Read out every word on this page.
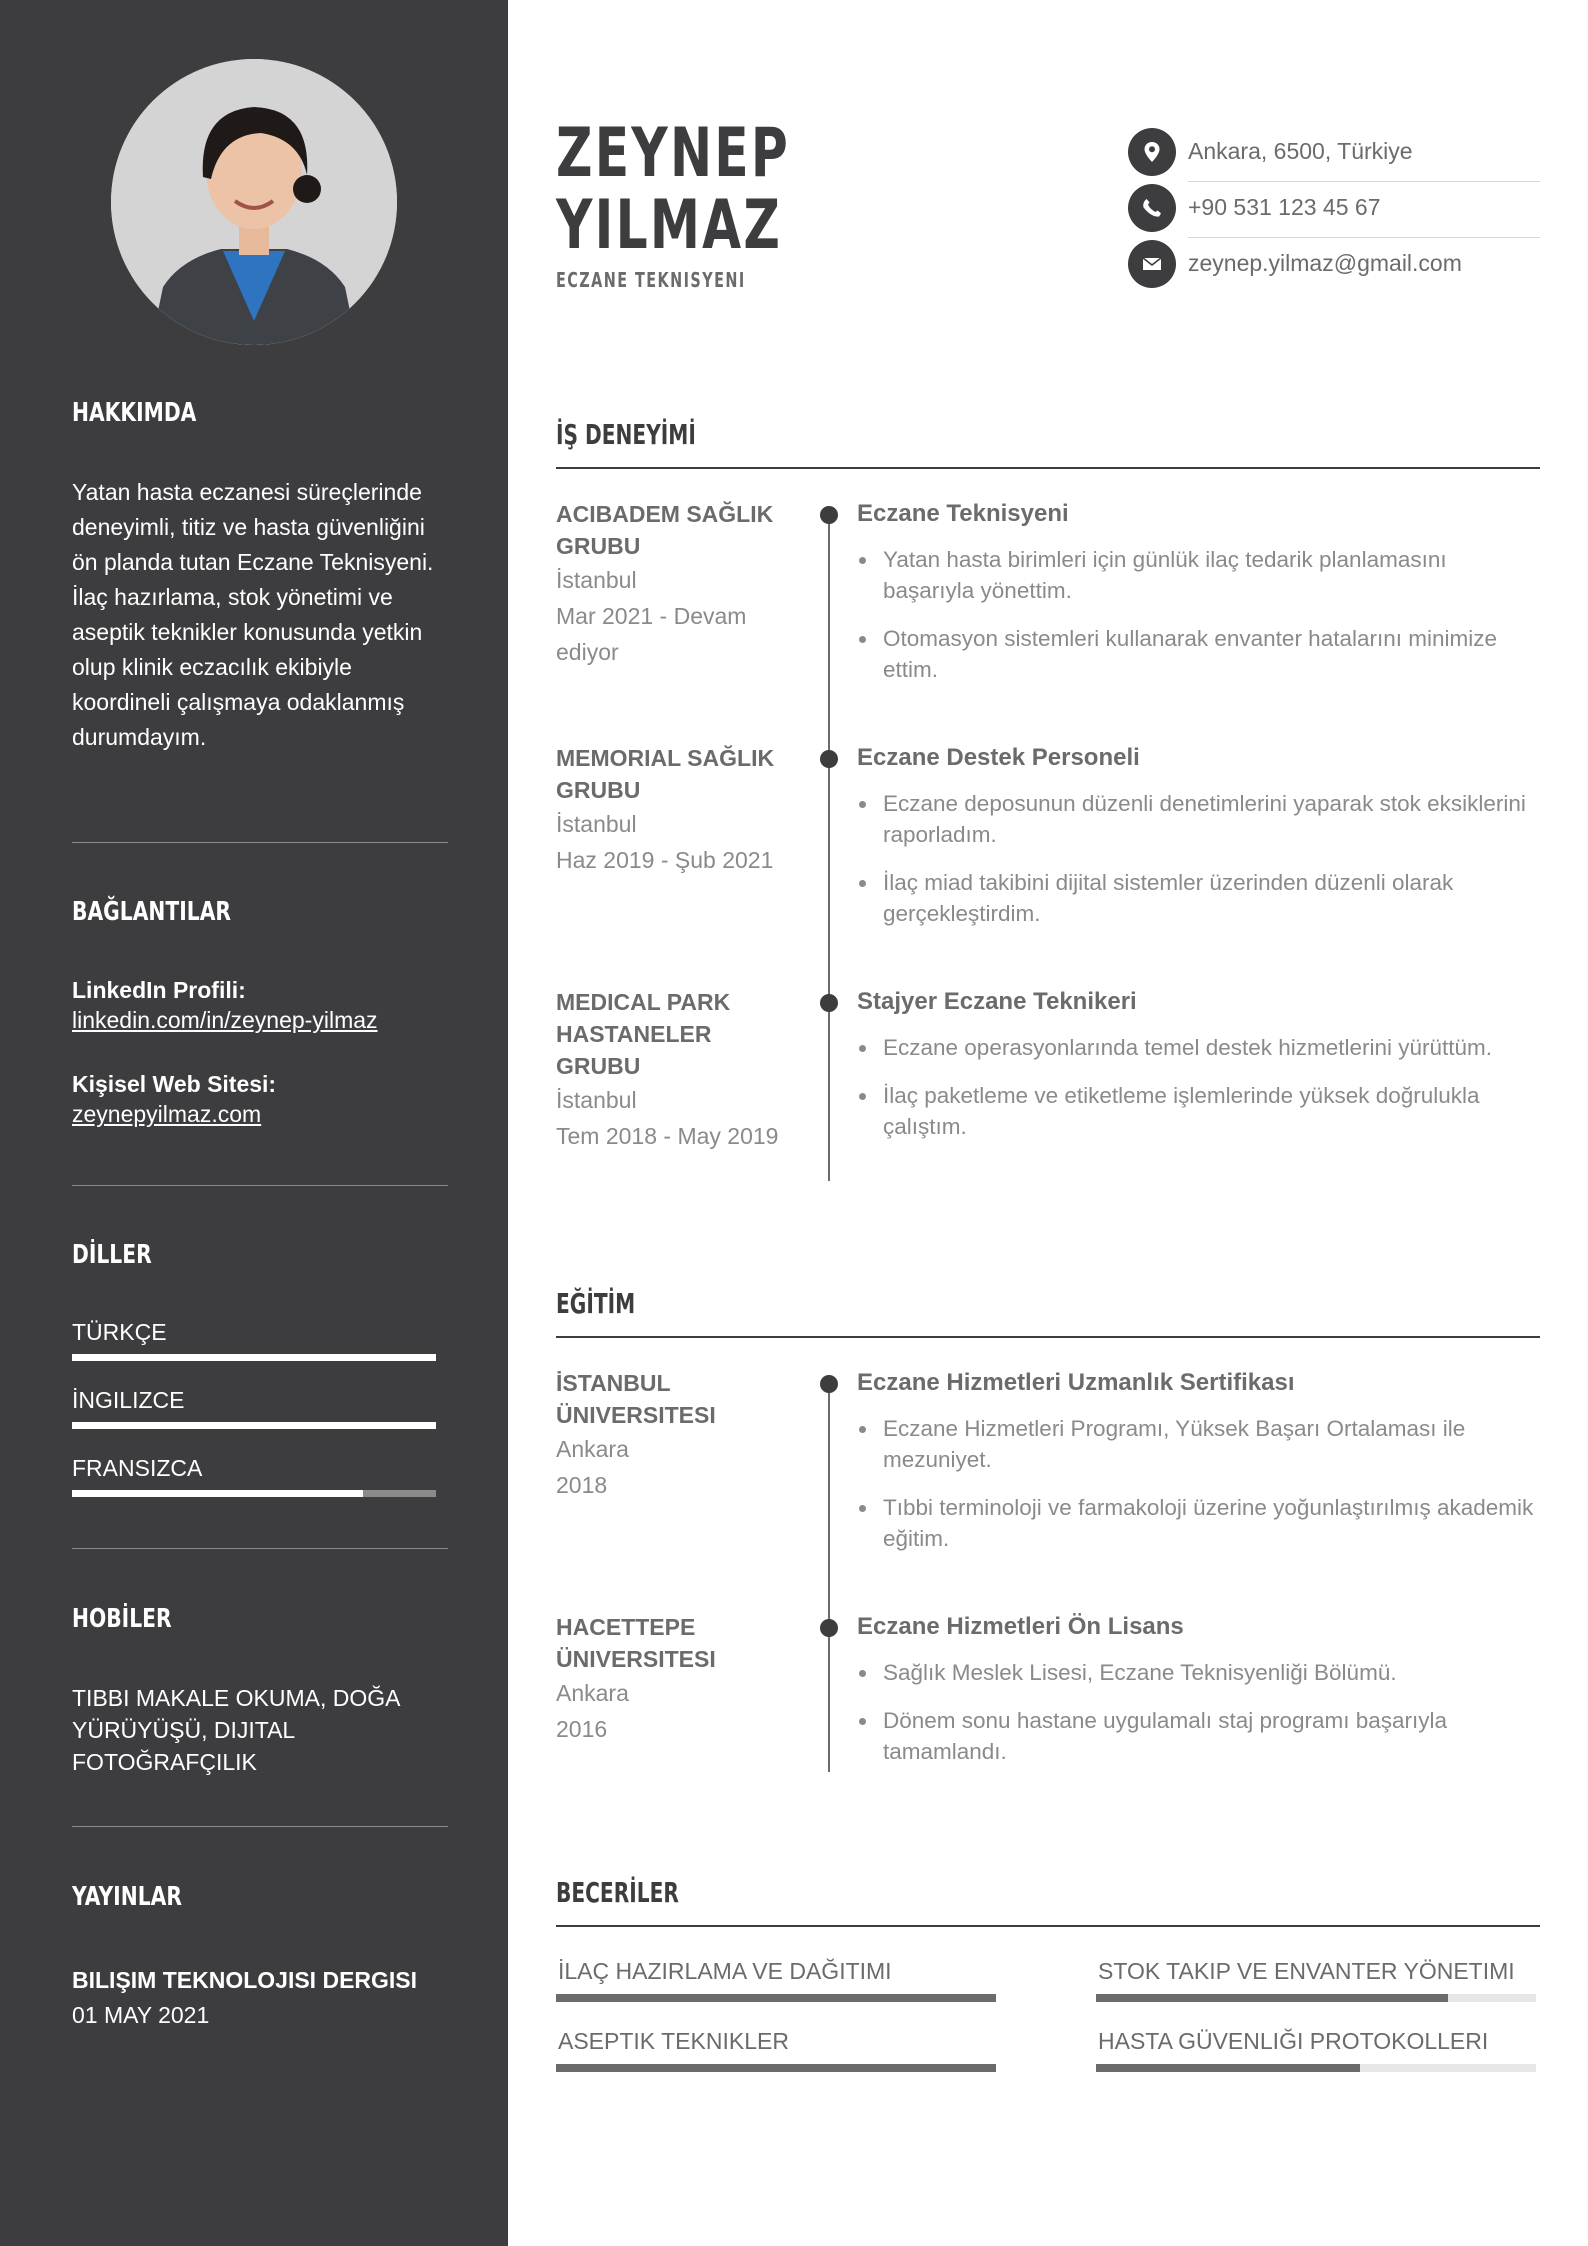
HAKKIMDA
Yatan hasta eczanesi süreçlerinde deneyimli, titiz ve hasta güvenliğini ön planda tutan Eczane Teknisyeni. İlaç hazırlama, stok yönetimi ve aseptik teknikler konusunda yetkin olup klinik eczacılık ekibiyle koordineli çalışmaya odaklanmış durumdayım.
BAĞLANTILAR
LinkedIn Profili:
linkedin.com/in/zeynep-yilmaz
Kişisel Web Sitesi:
zeynepyilmaz.com
DİLLER
TÜRKÇE
İNGILIZCE
FRANSIZCA
HOBİLER
TIBBI MAKALE OKUMA, DOĞA YÜRÜYÜŞÜ, DIJITAL FOTOĞRAFÇILIK
YAYINLAR
BILIŞIM TEKNOLOJISI DERGISI
01 MAY 2021
ZEYNEP
YILMAZ
ECZANE TEKNISYENI
Ankara, 6500, Türkiye
+90 531 123 45 67
zeynep.yilmaz@gmail.com
İŞ DENEYİMİ
ACIBADEM SAĞLIK GRUBU
İstanbul
Mar 2021 - Devam ediyor
Eczane Teknisyeni
Yatan hasta birimleri için günlük ilaç tedarik planlamasını başarıyla yönettim.
Otomasyon sistemleri kullanarak envanter hatalarını minimize ettim.
MEMORIAL SAĞLIK GRUBU
İstanbul
Haz 2019 - Şub 2021
Eczane Destek Personeli
Eczane deposunun düzenli denetimlerini yaparak stok eksiklerini raporladım.
İlaç miad takibini dijital sistemler üzerinden düzenli olarak gerçekleştirdim.
MEDICAL PARK HASTANELER GRUBU
İstanbul
Tem 2018 - May 2019
Stajyer Eczane Teknikeri
Eczane operasyonlarında temel destek hizmetlerini yürüttüm.
İlaç paketleme ve etiketleme işlemlerinde yüksek doğrulukla çalıştım.
EĞİTİM
İSTANBUL ÜNIVERSITESI
Ankara
2018
Eczane Hizmetleri Uzmanlık Sertifikası
Eczane Hizmetleri Programı, Yüksek Başarı Ortalaması ile mezuniyet.
Tıbbi terminoloji ve farmakoloji üzerine yoğunlaştırılmış akademik eğitim.
HACETTEPE ÜNIVERSITESI
Ankara
2016
Eczane Hizmetleri Ön Lisans
Sağlık Meslek Lisesi, Eczane Teknisyenliği Bölümü.
Dönem sonu hastane uygulamalı staj programı başarıyla tamamlandı.
BECERİLER
İLAÇ HAZIRLAMA VE DAĞITIMI	STOK TAKIP VE ENVANTER YÖNETIMI
ASEPTIK TEKNIKLER	HASTA GÜVENLIĞI PROTOKOLLERI
